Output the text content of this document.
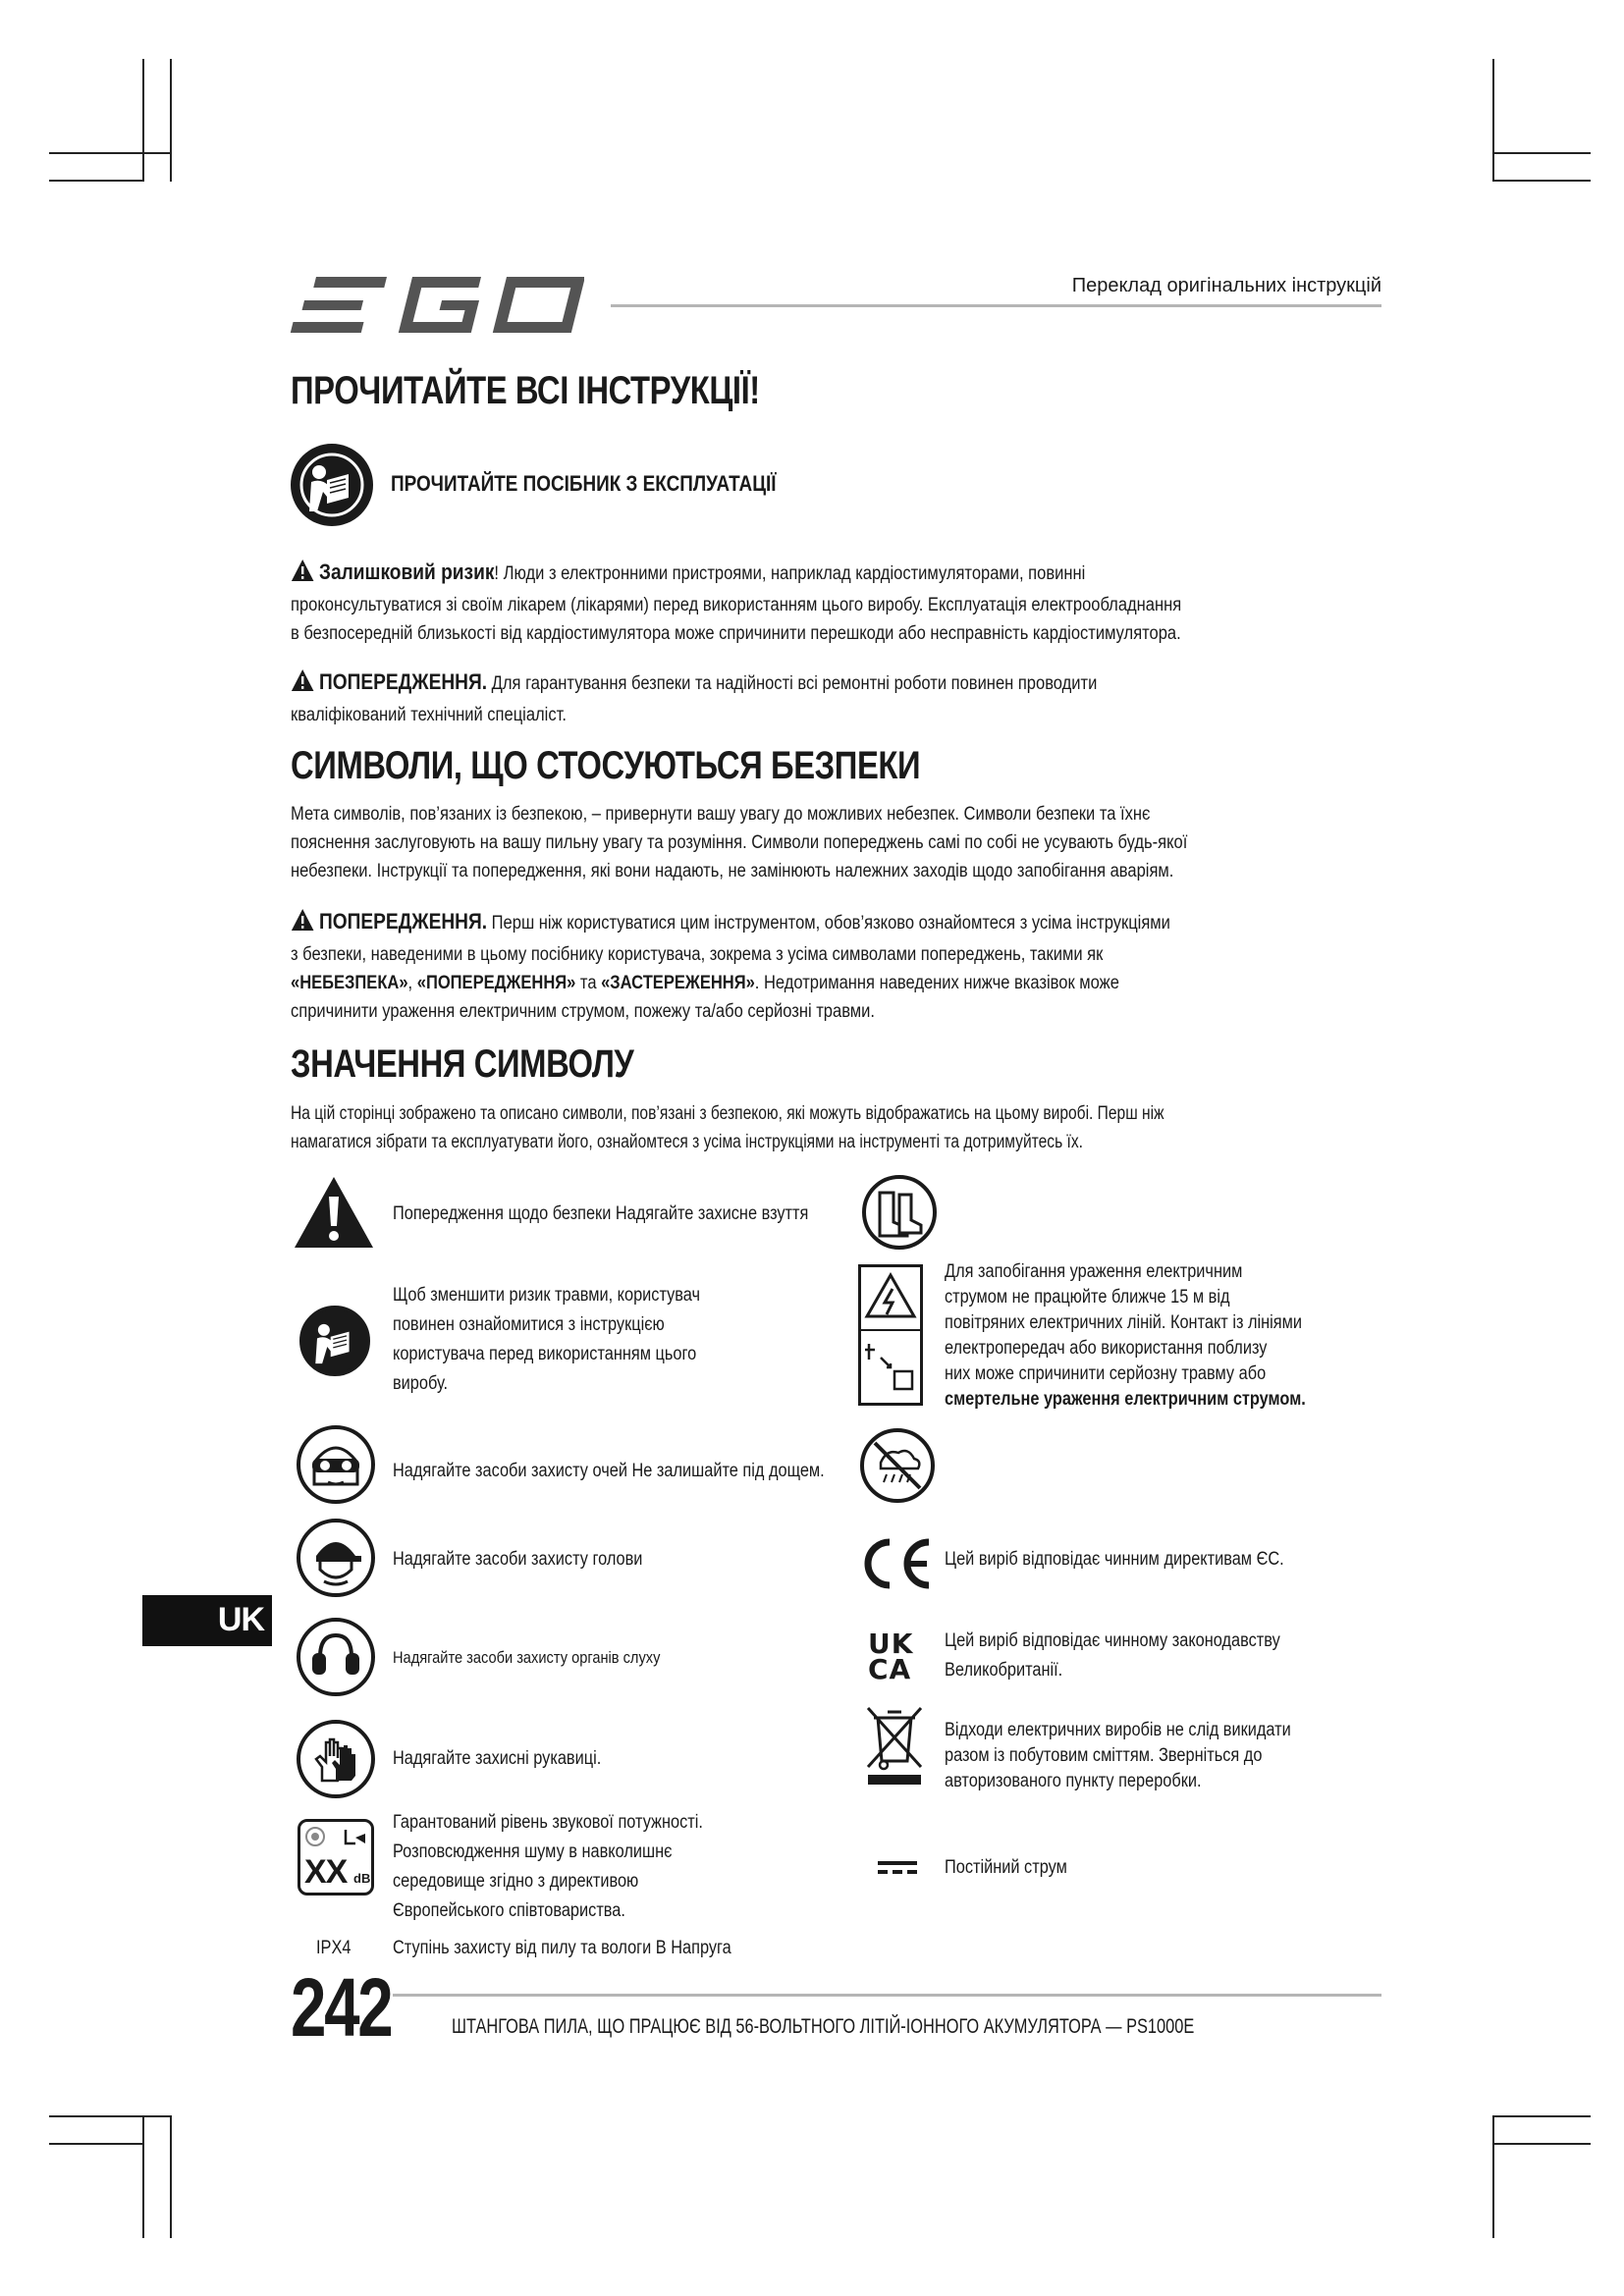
Переклад оригінальних інструкцій
ПРОЧИТАЙТЕ ВСІ ІНСТРУКЦІЇ!
ПРОЧИТАЙТЕ ПОСІБНИК З ЕКСПЛУАТАЦІЇ
Залишковий ризик! Люди з електронними пристроями, наприклад кардіостимуляторами, повинні
проконсультуватися зі своїм лікарем (лікарями) перед використанням цього виробу. Експлуатація електрообладнання
в безпосередній близькості від кардіостимулятора може спричинити перешкоди або несправність кардіостимулятора.
ПОПЕРЕДЖЕННЯ. Для гарантування безпеки та надійності всі ремонтні роботи повинен проводити
кваліфікований технічний спеціаліст.
СИМВОЛИ, ЩО СТОСУЮТЬСЯ БЕЗПЕКИ
Мета символів, пов’язаних із безпекою, – привернути вашу увагу до можливих небезпек. Символи безпеки та їхнє
пояснення заслуговують на вашу пильну увагу та розуміння. Символи попереджень самі по собі не усувають будь-якої
небезпеки. Інструкції та попередження, які вони надають, не замінюють належних заходів щодо запобігання аваріям.
ПОПЕРЕДЖЕННЯ. Перш ніж користуватися цим інструментом, обов’язково ознайомтеся з усіма інструкціями
з безпеки, наведеними в цьому посібнику користувача, зокрема з усіма символами попереджень, такими як
«НЕБЕЗПЕКА», «ПОПЕРЕДЖЕННЯ» та «ЗАСТЕРЕЖЕННЯ». Недотримання наведених нижче вказівок може
спричинити ураження електричним струмом, пожежу та/або серйозні травми.
ЗНАЧЕННЯ СИМВОЛУ
На цій сторінці зображено та описано символи, пов’язані з безпекою, які можуть відображатись на цьому виробі. Перш ніж
намагатися зібрати та експлуатувати його, ознайомтеся з усіма інструкціями на інструменті та дотримуйтесь їх.
Попередження щодо безпеки Надягайте захисне взуття
Щоб зменшити ризик травми, користувач
повинен ознайомитися з інструкцією
користувача перед використанням цього
виробу.
Надягайте засоби захисту очей Не залишайте під дощем.
Надягайте засоби захисту голови
Надягайте засоби захисту органів слуху
Надягайте захисні рукавиці.
XX dB
Гарантований рівень звукової потужності.
Розповсюдження шуму в навколишнє
середовище згідно з директивою
Європейського співтовариства.
IPX4	Ступінь захисту від пилу та вологи В Напруга
Для запобігання ураження електричним
струмом не працюйте ближче 15 м від
повітряних електричних ліній. Контакт із лініями
електропередач або використання поблизу
них може спричинити серйозну травму або
смертельне ураження електричним струмом.
Цей виріб відповідає чинним директивам ЄС.
UK
CA
Цей виріб відповідає чинному законодавству
Великобританії.
Відходи електричних виробів не слід викидати
разом із побутовим сміттям. Зверніться до
авторизованого пункту переробки.
Постійний струм
UK
242	ШТАНГОВА ПИЛА, ЩО ПРАЦЮЄ ВІД 56-ВОЛЬТНОГО ЛІТІЙ-ІОННОГО АКУМУЛЯТОРА — PS1000E
